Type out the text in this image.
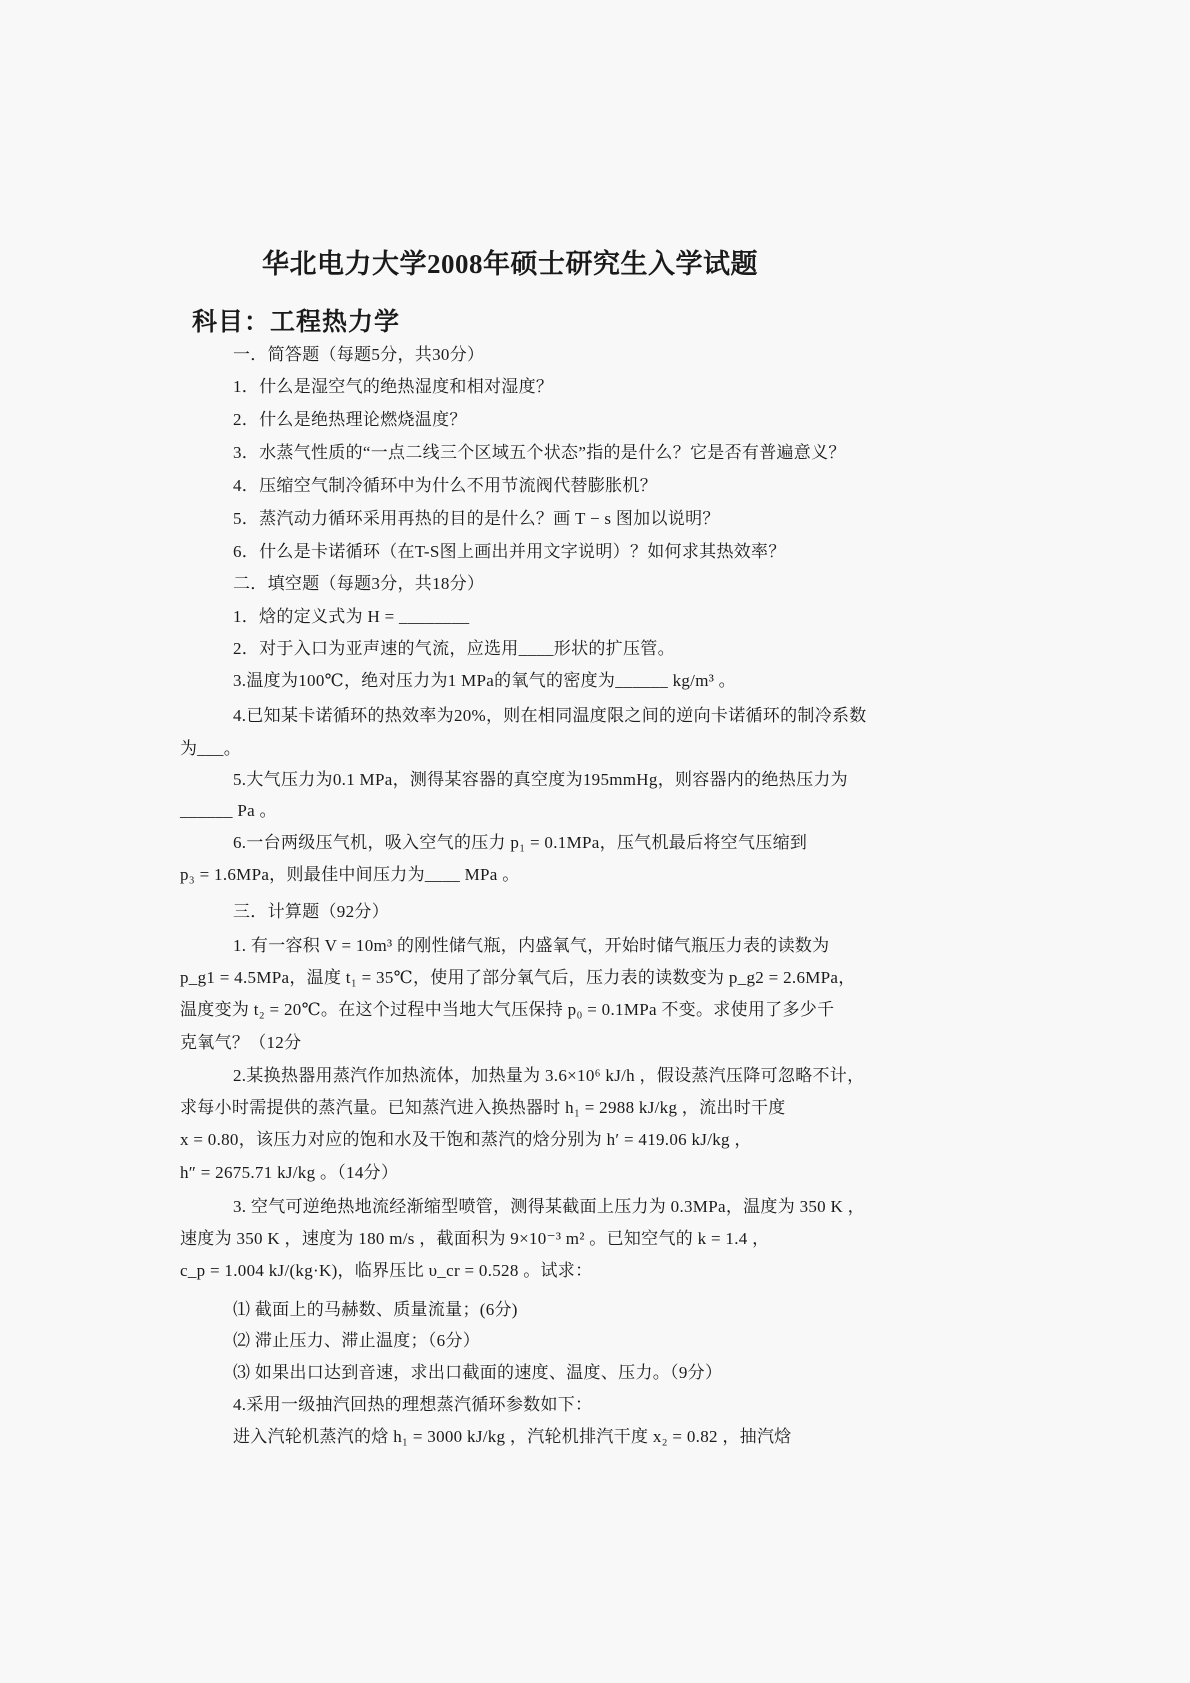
华北电力大学2008年硕士研究生入学试题
科目：工程热力学
一．简答题（每题5分，共30分）
1．什么是湿空气的绝热湿度和相对湿度？
2．什么是绝热理论燃烧温度？
3．水蒸气性质的“一点二线三个区域五个状态”指的是什么？它是否有普遍意义？
4．压缩空气制冷循环中为什么不用节流阀代替膨胀机？
5．蒸汽动力循环采用再热的目的是什么？画 T − s 图加以说明？
6．什么是卡诺循环（在T-S图上画出并用文字说明）？如何求其热效率？
二．填空题（每题3分，共18分）
1．焓的定义式为 H = ________
2．对于入口为亚声速的气流，应选用____形状的扩压管。
3.温度为100℃，绝对压力为1 MPa的氧气的密度为______ kg/m³ 。
4.已知某卡诺循环的热效率为20%，则在相同温度限之间的逆向卡诺循环的制冷系数
为___。
5.大气压力为0.1 MPa，测得某容器的真空度为195mmHg，则容器内的绝热压力为
______ Pa 。
6.一台两级压气机，吸入空气的压力 p₁ = 0.1MPa，压气机最后将空气压缩到
p₃ = 1.6MPa，则最佳中间压力为____ MPa 。
三．计算题（92分）
1. 有一容积 V = 10m³ 的刚性储气瓶，内盛氧气，开始时储气瓶压力表的读数为
p_g1 = 4.5MPa，温度 t₁ = 35℃，使用了部分氧气后，压力表的读数变为 p_g2 = 2.6MPa，
温度变为 t₂ = 20℃。在这个过程中当地大气压保持 p₀ = 0.1MPa 不变。求使用了多少千
克氧气？（12分
2.某换热器用蒸汽作加热流体，加热量为 3.6×10⁶ kJ/h ，假设蒸汽压降可忽略不计，
求每小时需提供的蒸汽量。已知蒸汽进入换热器时 h₁ = 2988 kJ/kg ，流出时干度
x = 0.80，该压力对应的饱和水及干饱和蒸汽的焓分别为 h′ = 419.06 kJ/kg ，
h″ = 2675.71 kJ/kg 。（14分）
3. 空气可逆绝热地流经渐缩型喷管，测得某截面上压力为 0.3MPa，温度为 350 K ，
速度为 350 K ，速度为 180 m/s ，截面积为 9×10⁻³ m² 。已知空气的 k = 1.4 ，
c_p = 1.004 kJ/(kg·K)，临界压比 υ_cr = 0.528 。试求：
⑴ 截面上的马赫数、质量流量；(6分)
⑵ 滞止压力、滞止温度；（6分）
⑶ 如果出口达到音速，求出口截面的速度、温度、压力。（9分）
4.采用一级抽汽回热的理想蒸汽循环参数如下：
进入汽轮机蒸汽的焓 h₁ = 3000 kJ/kg ，汽轮机排汽干度 x₂ = 0.82 ，抽汽焓
